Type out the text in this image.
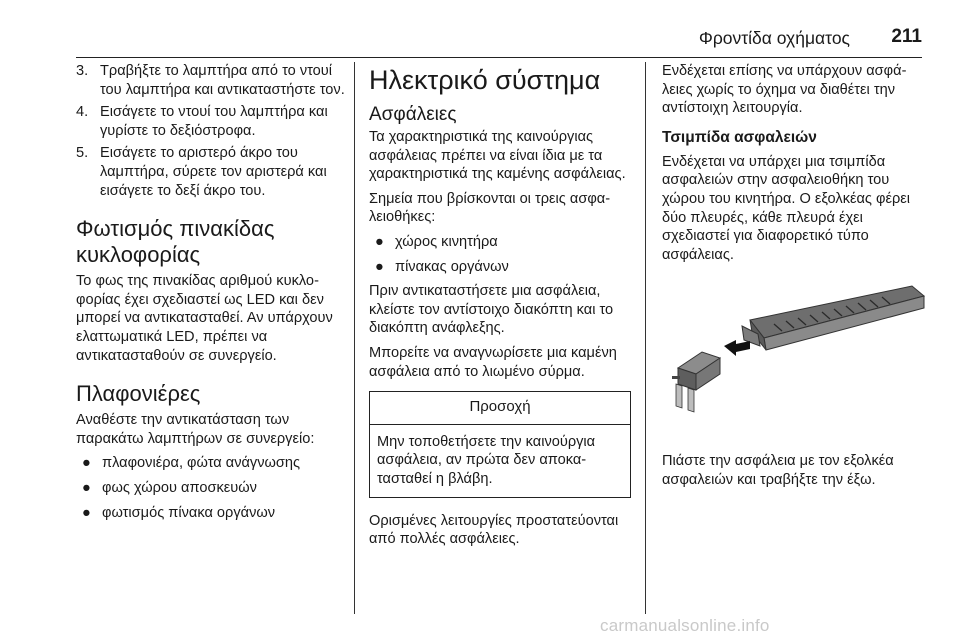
Φροντίδα οχήματος 211
3. Τραβήξτε το λαμπτήρα από το ντουί του λαμπτήρα και αντικαταστήστε τον.
4. Εισάγετε το ντουί του λαμπτήρα και γυρίστε το δεξιόστροφα.
5. Εισάγετε το αριστερό άκρο του λαμπτήρα, σύρετε τον αριστερά και εισάγετε το δεξί άκρο του.
Φωτισμός πινακίδας κυκλοφορίας

Το φως της πινακίδας αριθμού κυκλοφορίας έχει σχεδιαστεί ως LED και δεν μπορεί να αντικατασταθεί. Αν υπάρχουν ελαττωματικά LED, πρέπει να αντικατασταθούν σε συνεργείο.

Πλαφονιέρες

Αναθέστε την αντικατάσταση των παρακάτω λαμπτήρων σε συνεργείο:

● πλαφονιέρα, φώτα ανάγνωσης
● φως χώρου αποσκευών
● φωτισμός πίνακα οργάνων
Ηλεκτρικό σύστημα
Ασφάλειες

Τα χαρακτηριστικά της καινούργιας ασφάλειας πρέπει να είναι ίδια με τα χαρακτηριστικά της καμένης ασφάλειας.

Σημεία που βρίσκονται οι τρεις ασφαλειοθήκες:

● χώρος κινητήρα
● πίνακας οργάνων

Πριν αντικαταστήσετε μια ασφάλεια, κλείστε τον αντίστοιχο διακόπτη και το διακόπτη ανάφλεξης.

Μπορείτε να αναγνωρίσετε μια καμένη ασφάλεια από το λιωμένο σύρμα.

Προσοχή
Μην τοποθετήσετε την καινούργια ασφάλεια, αν πρώτα δεν αποκατασταθεί η βλάβη.

Ορισμένες λειτουργίες προστατεύονται από πολλές ασφάλειες.

Ενδέχεται επίσης να υπάρχουν ασφάλειες χωρίς το όχημα να διαθέτει την αντίστοιχη λειτουργία.

Τσιμπίδα ασφαλειών

Ενδέχεται να υπάρχει μια τσιμπίδα ασφαλειών στην ασφαλειοθήκη του χώρου του κινητήρα. Ο εξολκέας φέρει δύο πλευρές, κάθε πλευρά έχει σχεδιαστεί για διαφορετικό τύπο ασφάλειας.

Πιάστε την ασφάλεια με τον εξολκέα ασφαλειών και τραβήξτε την έξω.

carmanualsonline.info
